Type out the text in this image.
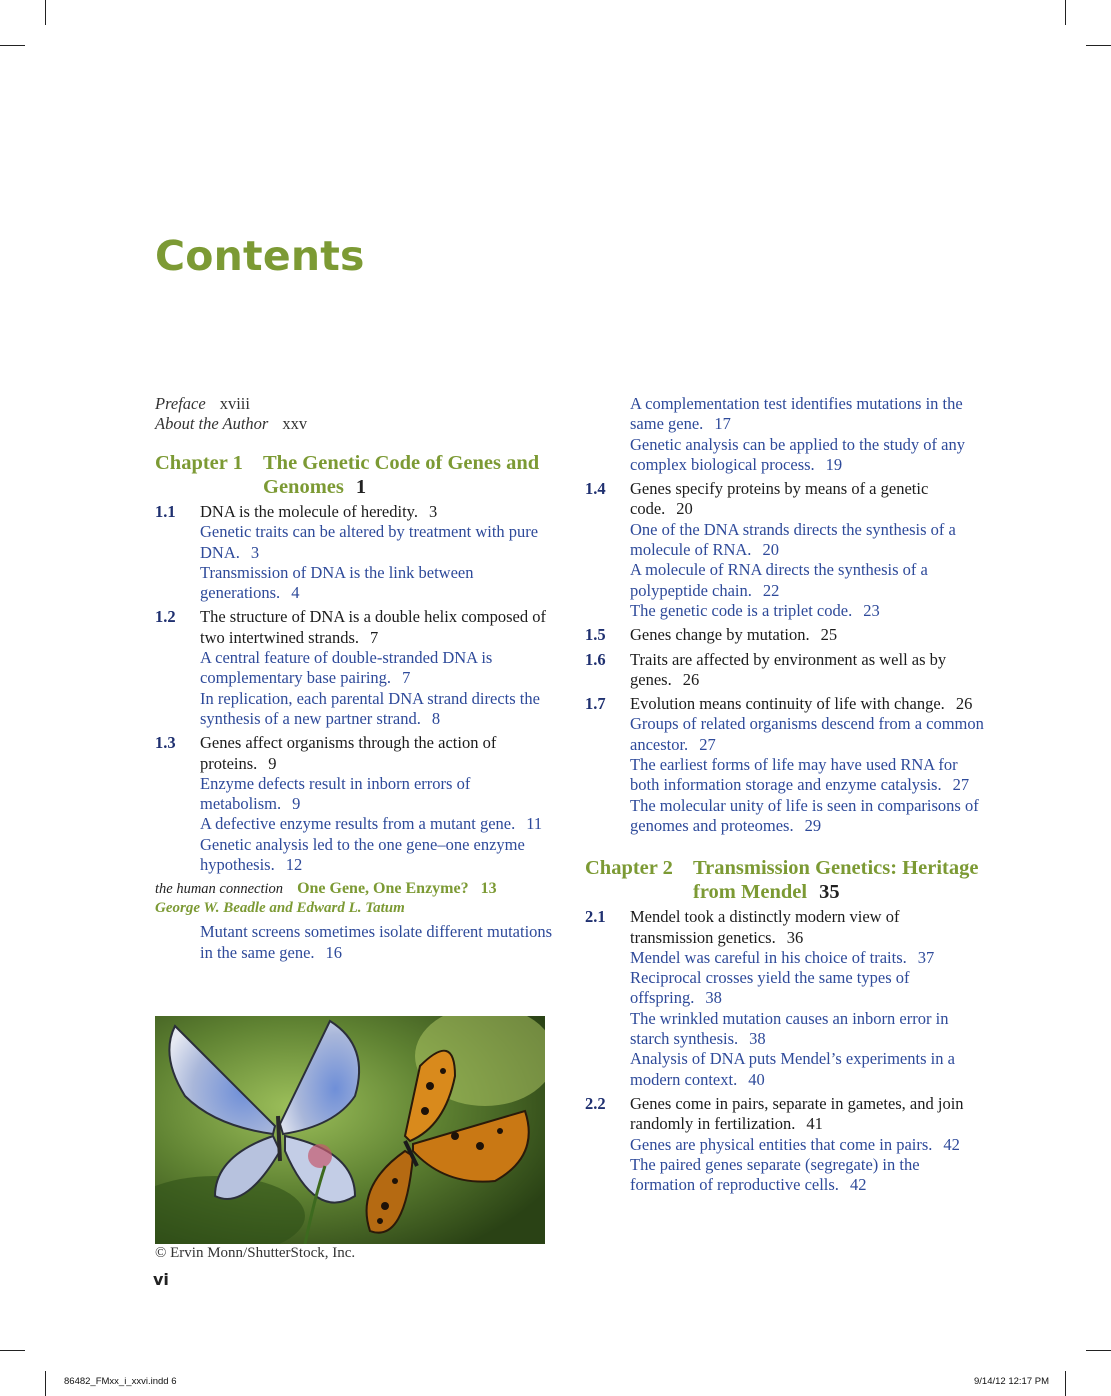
Contents
Preface xviii
About the Author xxv
Chapter 1 The Genetic Code of Genes and Genomes 1
1.1	DNA is the molecule of heredity. 3
Genetic traits can be altered by treatment with pure DNA. 3
Transmission of DNA is the link between generations. 4
1.2	The structure of DNA is a double helix composed of two intertwined strands. 7
A central feature of double-stranded DNA is complementary base pairing. 7
In replication, each parental DNA strand directs the synthesis of a new partner strand. 8
1.3	Genes affect organisms through the action of proteins. 9
Enzyme defects result in inborn errors of metabolism. 9
A defective enzyme results from a mutant gene. 11
Genetic analysis led to the one gene–one enzyme hypothesis. 12
the human connection One Gene, One Enzyme? 13
George W. Beadle and Edward L. Tatum
Mutant screens sometimes isolate different mutations in the same gene. 16
© Ervin Monn/ShutterStock, Inc.
vi
A complementation test identifies mutations in the same gene. 17
Genetic analysis can be applied to the study of any complex biological process. 19
1.4	Genes specify proteins by means of a genetic code. 20
One of the DNA strands directs the synthesis of a molecule of RNA. 20
A molecule of RNA directs the synthesis of a polypeptide chain. 22
The genetic code is a triplet code. 23
1.5	Genes change by mutation. 25
1.6	Traits are affected by environment as well as by genes. 26
1.7	Evolution means continuity of life with change. 26
Groups of related organisms descend from a common ancestor. 27
The earliest forms of life may have used RNA for both information storage and enzyme catalysis. 27
The molecular unity of life is seen in comparisons of genomes and proteomes. 29
Chapter 2 Transmission Genetics: Heritage from Mendel 35
2.1	Mendel took a distinctly modern view of transmission genetics. 36
Mendel was careful in his choice of traits. 37
Reciprocal crosses yield the same types of offspring. 38
The wrinkled mutation causes an inborn error in starch synthesis. 38
Analysis of DNA puts Mendel’s experiments in a modern context. 40
2.2	Genes come in pairs, separate in gametes, and join randomly in fertilization. 41
Genes are physical entities that come in pairs. 42
The paired genes separate (segregate) in the formation of reproductive cells. 42
86482_FMxx_i_xxvi.indd 6	9/14/12 12:17 PM
